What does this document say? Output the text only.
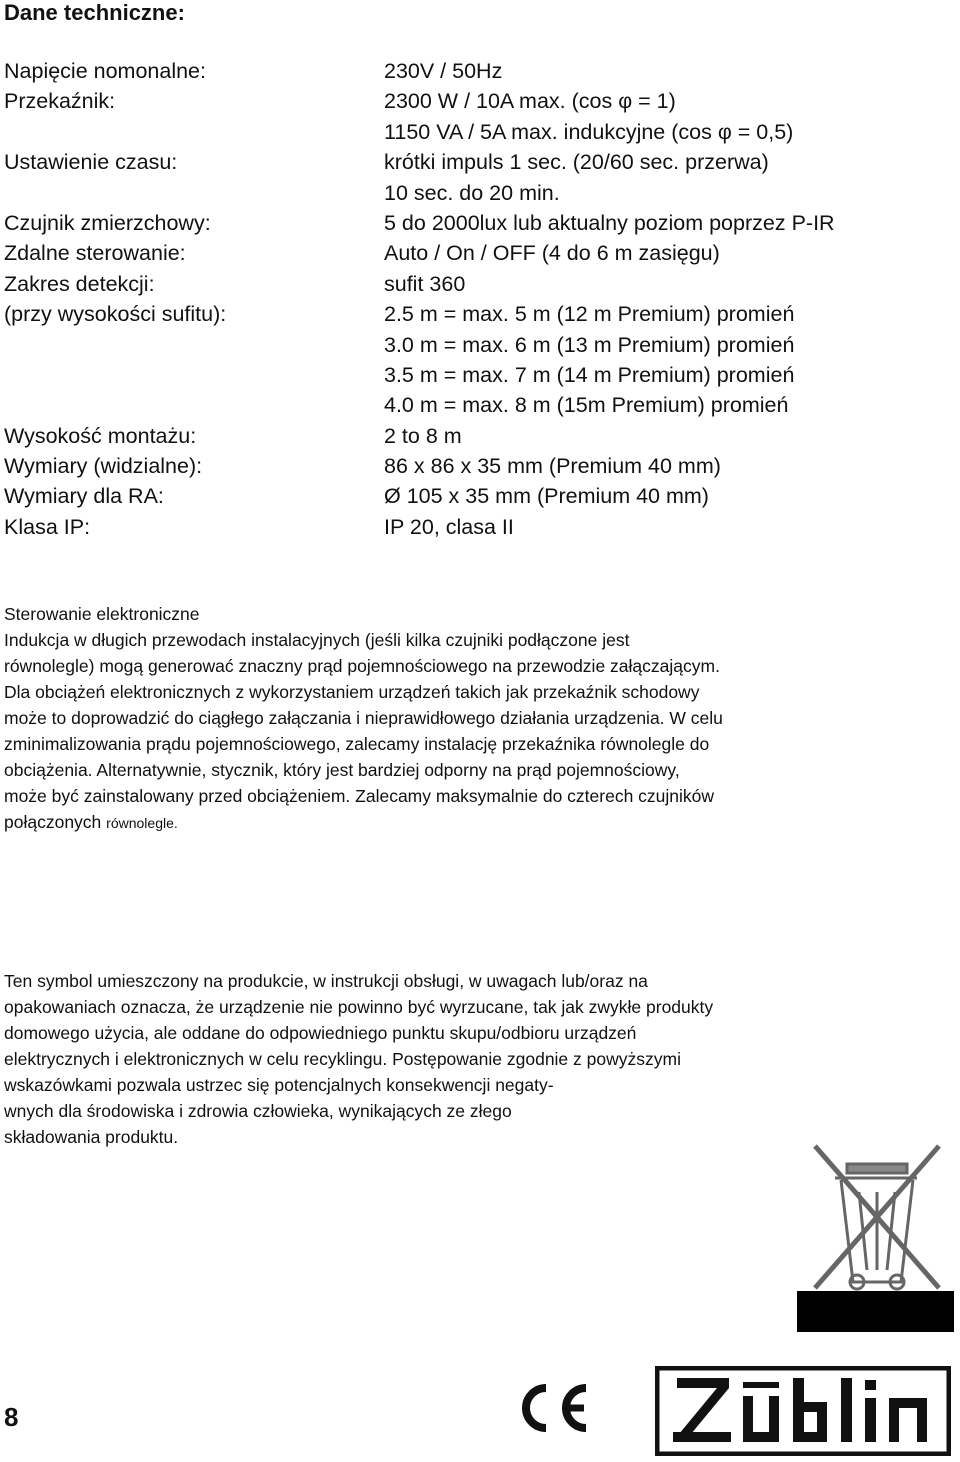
Dane techniczne:
Napięcie nomonalne:	230V / 50Hz
Przekaźnik:	2300 W / 10A max. (cos φ = 1)
1150 VA / 5A max. indukcyjne (cos φ = 0,5)
Ustawienie czasu:	krótki impuls 1 sec. (20/60 sec. przerwa)
10 sec. do 20 min.
Czujnik zmierzchowy:	5 do 2000lux lub aktualny poziom poprzez P-IR
Zdalne sterowanie:	Auto / On / OFF (4 do 6 m zasięgu)
Zakres detekcji:	sufit 360
(przy wysokości sufitu):	2.5 m = max. 5 m (12 m Premium) promień
3.0 m = max. 6 m (13 m Premium) promień
3.5 m = max. 7 m (14 m Premium) promień
4.0 m = max. 8 m (15m Premium) promień
Wysokość montażu:	2 to 8 m
Wymiary (widzialne):	86 x 86 x 35 mm (Premium 40 mm)
Wymiary dla RA:	Ø 105 x 35 mm (Premium 40 mm)
Klasa IP:	IP 20, clasa II

Sterowanie elektroniczne

Indukcja w długich przewodach instalacyjnych (jeśli kilka czujniki podłączone jest

równolegle) mogą generować znaczny prąd pojemnościowego na przewodzie załączającym.

Dla obciążeń elektronicznych z wykorzystaniem urządzeń takich jak przekaźnik schodowy

może to doprowadzić do ciągłego załączania i nieprawidłowego działania urządzenia. W celu

zminimalizowania prądu pojemnościowego, zalecamy instalację przekaźnika równolegle do

obciążenia. Alternatywnie, stycznik, który jest bardziej odporny na prąd pojemnościowy,

może być zainstalowany przed obciążeniem. Zalecamy maksymalnie do czterech czujników

połączonych równolegle.

Ten symbol umieszczony na produkcie, w instrukcji obsługi, w uwagach lub/oraz na

opakowaniach oznacza, że urządzenie nie powinno być wyrzucane, tak jak zwykłe produkty

domowego użycia, ale oddane do odpowiedniego punktu skupu/odbioru urządzeń

elektrycznych i elektronicznych w celu recyklingu. Postępowanie zgodnie z powyższymi

wskazówkami pozwala ustrzec się potencjalnych konsekwencji negaty-

wnych dla środowiska i zdrowia człowieka, wynikających ze złego

składowania produktu.

8
